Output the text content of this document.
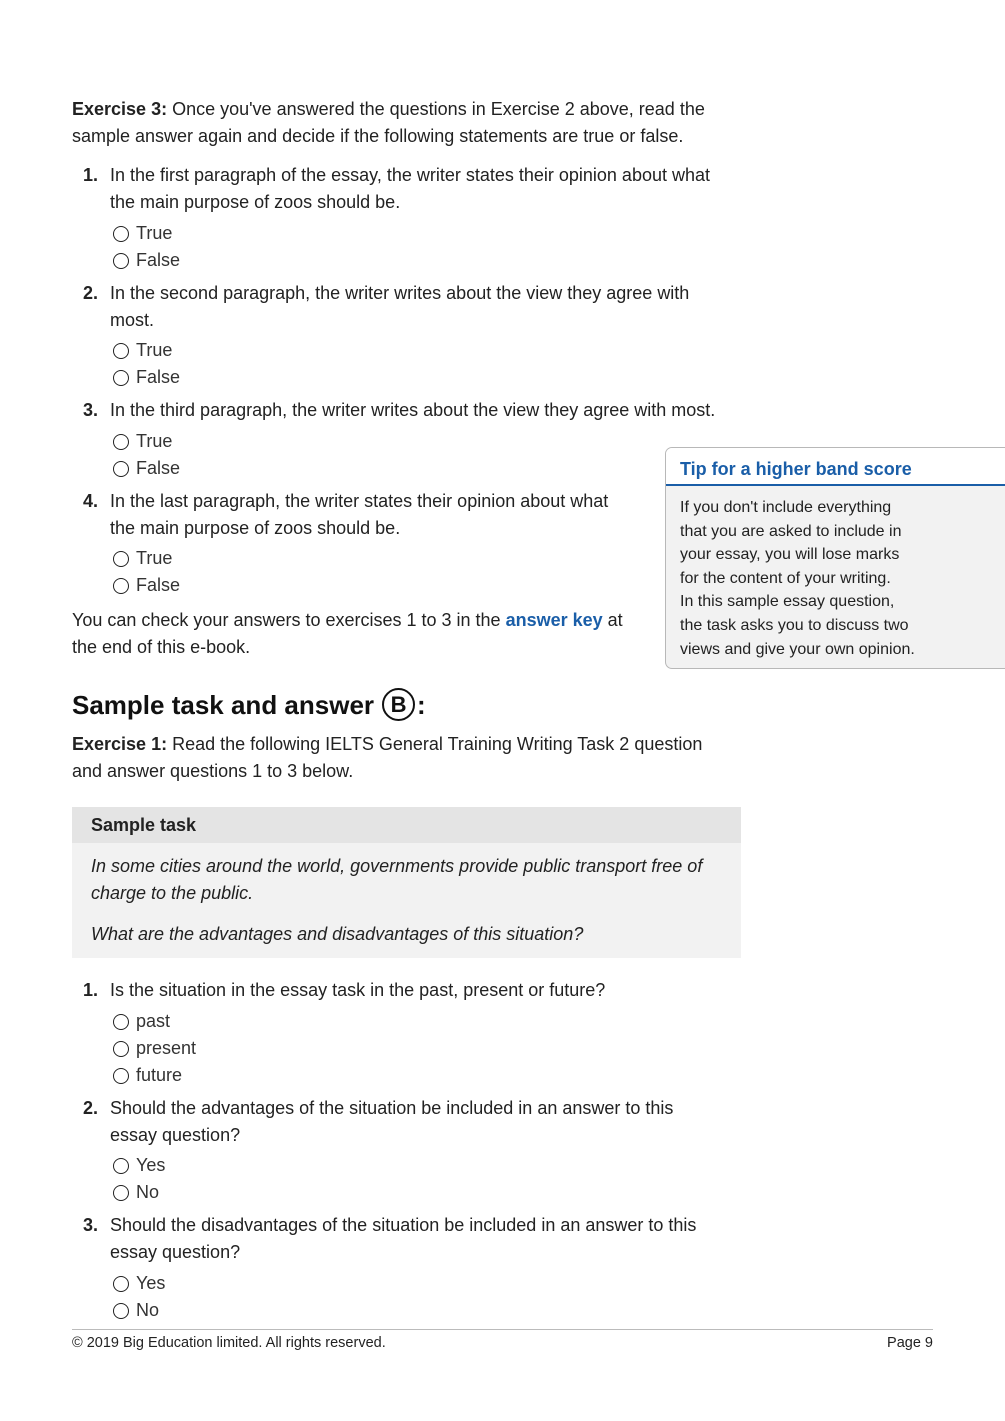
Exercise 3: Once you've answered the questions in Exercise 2 above, read the
sample answer again and decide if the following statements are true or false.
1. In the first paragraph of the essay, the writer states their opinion about what
the main purpose of zoos should be.
True
False
2. In the second paragraph, the writer writes about the view they agree with
most.
True
False
3. In the third paragraph, the writer writes about the view they agree with most.
True
False
4. In the last paragraph, the writer states their opinion about what
the main purpose of zoos should be.
True
False
You can check your answers to exercises 1 to 3 in the answer key at
the end of this e-book.
Tip for a higher band score
If you don't include everything
that you are asked to include in
your essay, you will lose marks
for the content of your writing.
In this sample essay question,
the task asks you to discuss two
views and give your own opinion.
Sample task and answer B :
Exercise 1: Read the following IELTS General Training Writing Task 2 question
and answer questions 1 to 3 below.
Sample task
In some cities around the world, governments provide public transport free of
charge to the public.
What are the advantages and disadvantages of this situation?
1. Is the situation in the essay task in the past, present or future?
past
present
future
2. Should the advantages of the situation be included in an answer to this
essay question?
Yes
No
3. Should the disadvantages of the situation be included in an answer to this
essay question?
Yes
No
© 2019 Big Education limited. All rights reserved.	Page 9
